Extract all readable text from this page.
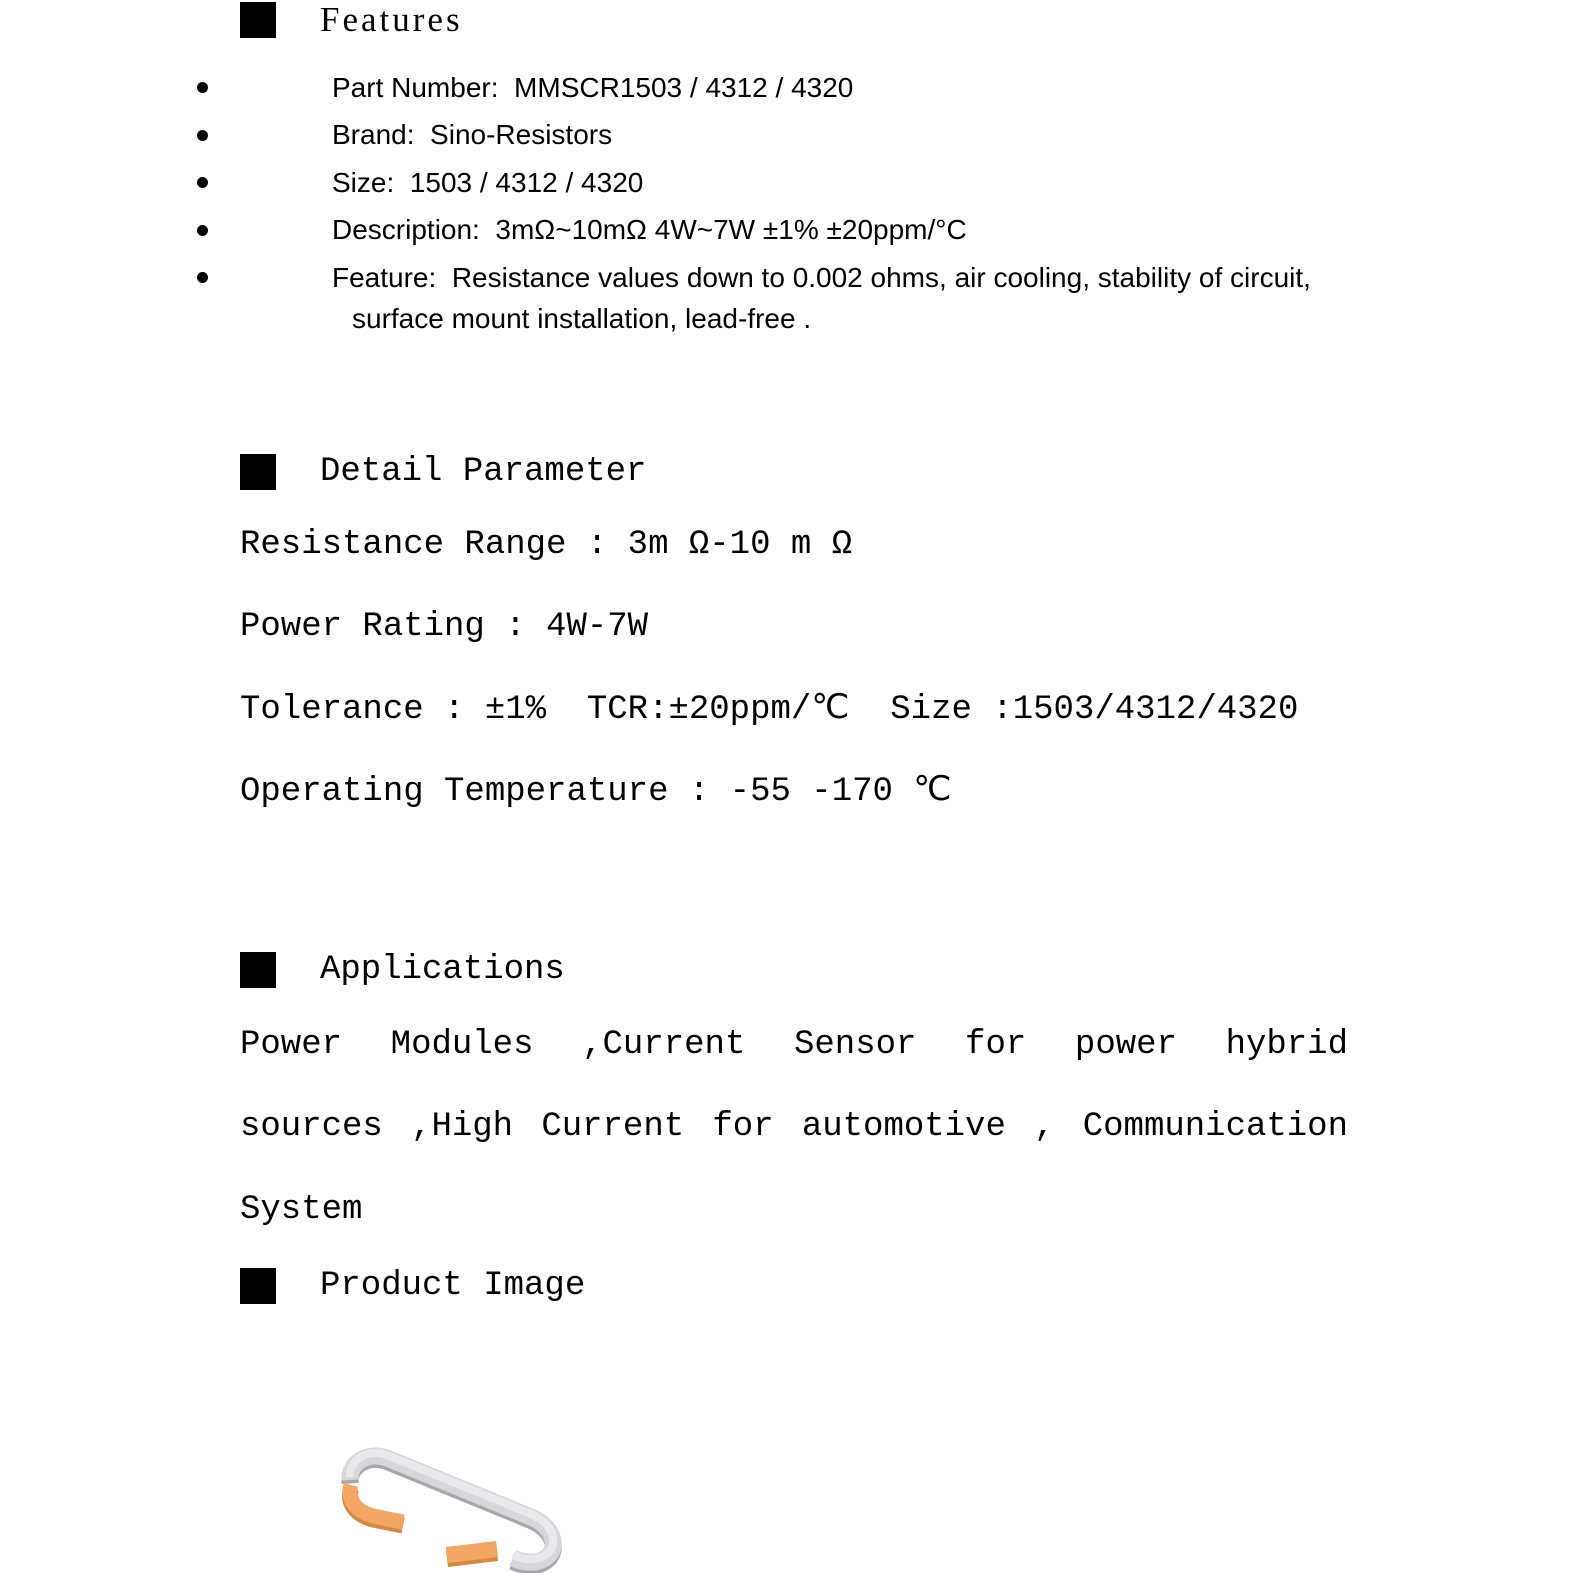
Features
Part Number:  MMSCR1503 / 4312 / 4320
Brand:  Sino-Resistors
Size:  1503 / 4312 / 4320
Description:  3mΩ~10mΩ 4W~7W ±1% ±20ppm/°C
Feature:  Resistance values down to 0.002 ohms, air cooling, stability of circuit,
surface mount installation, lead-free .
Detail Parameter
Resistance Range : 3m Ω-10 m Ω
Power Rating : 4W-7W
Tolerance : ±1%  TCR:±20ppm/℃  Size :1503/4312/4320
Operating Temperature : -55 -170 ℃
Applications
Power Modules ,Current Sensor for power hybrid
sources ,High Current for automotive , Communication
System
Product Image
